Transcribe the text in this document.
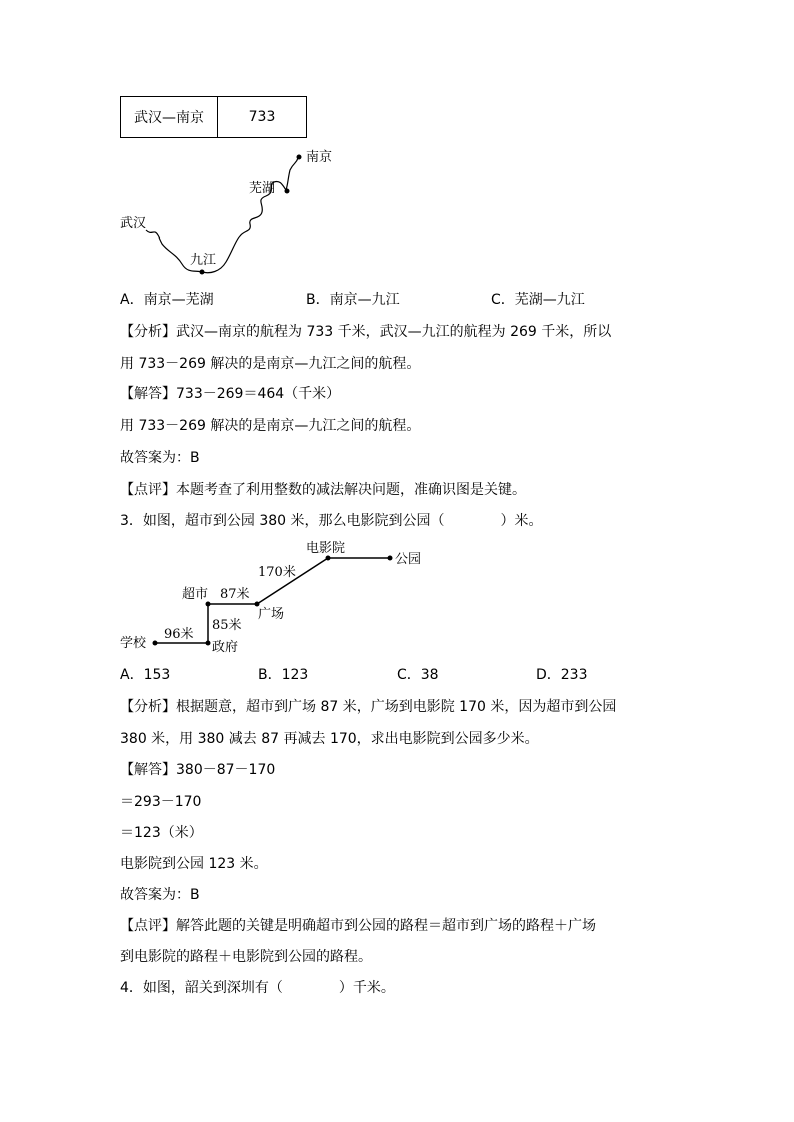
武汉—南京	733
南京
芜湖
武汉
九江
A．南京—芜湖	B．南京—九江	C．芜湖—九江
【分析】武汉—南京的航程为 733 千米，武汉—九江的航程为 269 千米，所以
用 733－269 解决的是南京—九江之间的航程。
【解答】733－269＝464（千米）
用 733－269 解决的是南京—九江之间的航程。
故答案为：B
【点评】本题考查了利用整数的减法解决问题，准确识图是关键。
3．如图，超市到公园 380 米，那么电影院到公园（　　　　）米。
电影院
公园
170米
超市 87米
广场
85米
学校
96米
政府
A．153	B．123	C．38	D．233
【分析】根据题意，超市到广场 87 米，广场到电影院 170 米，因为超市到公园
380 米，用 380 减去 87 再减去 170，求出电影院到公园多少米。
【解答】380－87－170
＝293－170
＝123（米）
电影院到公园 123 米。
故答案为：B
【点评】解答此题的关键是明确超市到公园的路程＝超市到广场的路程＋广场
到电影院的路程＋电影院到公园的路程。
4．如图，韶关到深圳有（　　　　）千米。
